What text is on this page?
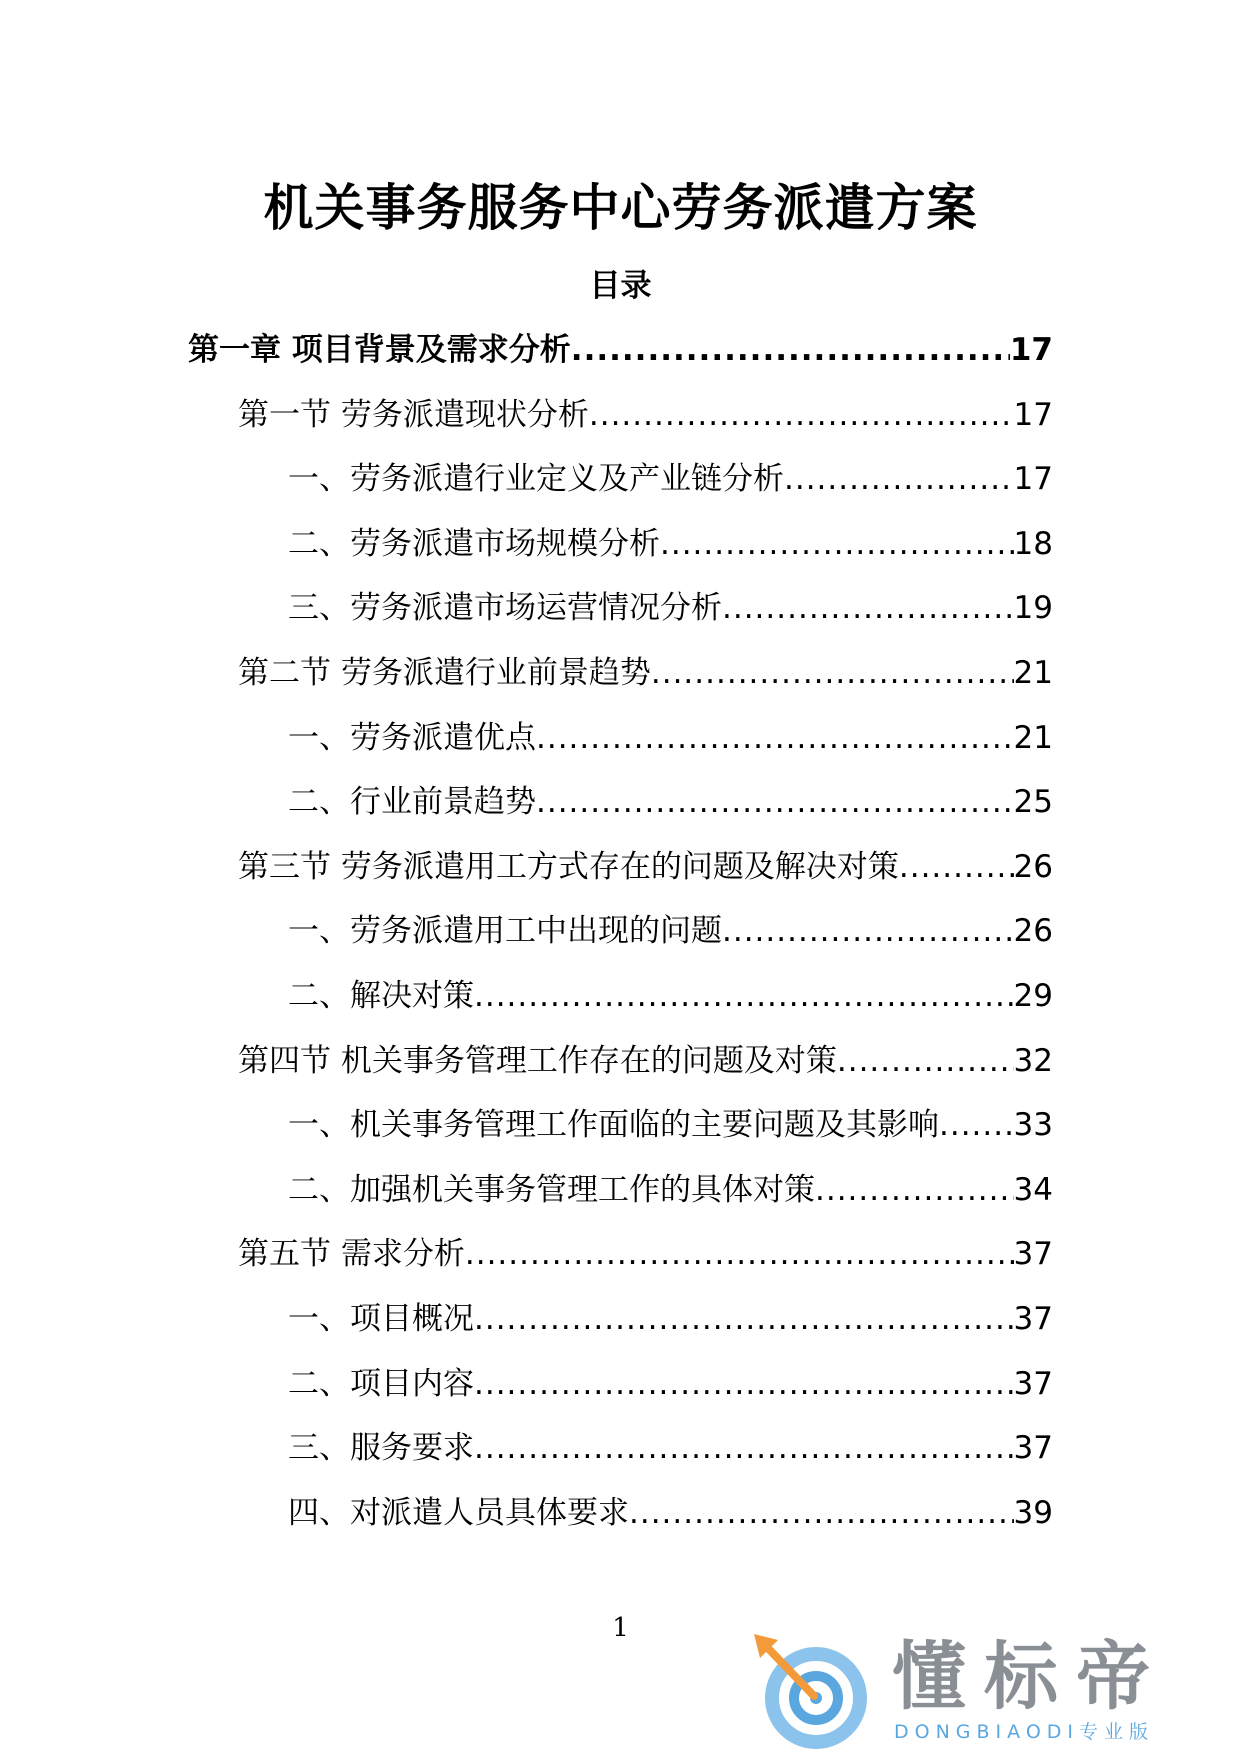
机关事务服务中心劳务派遣方案
目录
第一章 项目背景及需求分析 .....	17
第一节 劳务派遣现状分析 .....	17
一、劳务派遣行业定义及产业链分析 .....	17
二、劳务派遣市场规模分析 .....	18
三、劳务派遣市场运营情况分析 .....	19
第二节 劳务派遣行业前景趋势 .....	21
一、劳务派遣优点 .....	21
二、行业前景趋势 .....	25
第三节 劳务派遣用工方式存在的问题及解决对策 .....	26
一、劳务派遣用工中出现的问题 .....	26
二、解决对策 .....	29
第四节 机关事务管理工作存在的问题及对策 .....	32
一、机关事务管理工作面临的主要问题及其影响 ..... 33
二、加强机关事务管理工作的具体对策 .....	34
第五节 需求分析 .....	37
一、项目概况 .....	37
二、项目内容 .....	37
三、服务要求 .....	37
四、对派遣人员具体要求 .....	39
1
懂标帝
DONGBIAODI专业版
